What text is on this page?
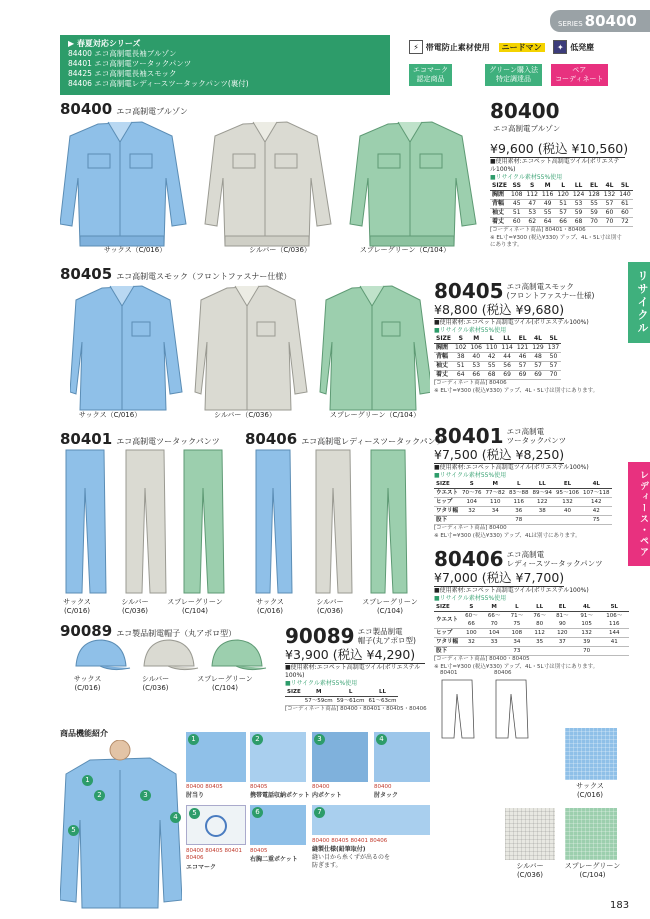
SERIES 80400
▶ 春夏対応シリーズ
84400 エコ高制電長袖ブルゾン
84401 エコ高制電ツータックパンツ
84425 エコ高制電長袖スモック
84406 エコ高制電レディースツータックパンツ(裏付)
⚡ 帯電防止素材使用 ニードマン ✦ 低発塵
エコマーク
認定商品 グリーン購入法
特定調達品 ペア
コーディネート
リサイクル
レディース・ペア
80400 エコ高制電ブルゾン
サックス（C/016）	シルバー（C/036）	スプレーグリーン（C/104）
80400エコ高制電ブルゾン
¥9,600 (税込 ¥10,560)
■使用素材:エコペット高制電ツイル(ポリエステル100%)
■リサイクル素材55%使用
SIZE	SS	S	M	L	LL	EL	4L	5L
胸囲	108	112	116	120	124	128	132	140
背幅	45	47	49	51	53	55	57	61
袖丈	51	53	55	57	59	59	60	60
着丈	60	62	64	66	68	70	70	72
[コーディネート商品] 80401・80406
※ EL寸=¥300 (税込¥330) アップ、4L・5L寸は別寸にあります。
80405 エコ高制電スモック（フロントファスナー仕様）
サックス（C/016）	シルバー（C/036）	スプレーグリーン（C/104）
80405 エコ高制電スモック
(フロントファスナー仕様)
¥8,800 (税込 ¥9,680)
■使用素材:エコペット高制電ツイル(ポリエステル100%)
■リサイクル素材55%使用
SIZE	S	M	L	LL	EL	4L	5L
胸囲	102	106	110	114	121	129	137
背幅	38	40	42	44	46	48	50
袖丈	51	53	55	56	57	57	57
着丈	64	66	68	69	69	69	70
[コーディネート商品] 80406
※ EL寸=¥300 (税込¥330) アップ、4L・5L寸は別寸にあります。
80401 エコ高制電ツータックパンツ 80406 エコ高制電レディースツータックパンツ
サックス
(C/016)
シルバー
(C/036)
スプレーグリーン
(C/104)
サックス
(C/016)
シルバー
(C/036)
スプレーグリーン
(C/104)
80401 エコ高制電
ツータックパンツ
¥7,500 (税込 ¥8,250)
■使用素材:エコペット高制電ツイル(ポリエステル100%)
■リサイクル素材55%使用
SIZE	S	M	L	LL	EL	4L
ウエスト	70〜76	77〜82	83〜88	89〜94	95〜106	107〜118
ヒップ	104	110	116	122	132	142
ワタリ幅	32	34	36	38	40	42
股下			78			75
[コーディネート商品] 80400
※ EL寸=¥300 (税込¥330) アップ、4Lは別寸にあります。
80406 エコ高制電
レディースツータックパンツ
¥7,000 (税込 ¥7,700)
■使用素材:エコペット高制電ツイル(ポリエステル100%)
■リサイクル素材55%使用
SIZE	S	M	L	LL	EL	4L	5L
ウエスト	60〜66	66〜70	71〜75	76〜80	81〜90	91〜105	106〜116
ヒップ	100	104	108	112	120	132	144
ワタリ幅	32	33	34	35	37	39	41
股下			73			70	
[コーディネート商品] 80400・80405
※ EL寸=¥300 (税込¥330) アップ、4L・5L寸は別寸にあります。
80401	80406
90089 エコ製品制電帽子（丸アポロ型）
サックス
(C/016)
シルバー
(C/036)
スプレーグリーン
(C/104)
90089 エコ製品制電
帽子(丸アポロ型)
¥3,900 (税込 ¥4,290)
■使用素材:エコペット高制電ツイル(ポリエステル100%)
■リサイクル素材55%使用
SIZE	M	L	LL
	57〜59cm	59〜61cm	61〜63cm
[コーディネート商品] 80400・80401・80405・80406
商品機能紹介
1
2	3
4
5
1
80400 80405
肘当り
2
80405
携帯電話収納ポケット
3
80400
内ポケット
4
80400
肘タック
5
80400 80405 80401 80406
エコマーク
6
80405
右胸二重ポケット
7
80400 80405 80401 80406
縫製仕様(鉛筆取付)
縫い目から糸くずが出るのを防ぎます。
サックス
(C/016)
シルバー
(C/036)
スプレーグリーン
(C/104)
183
